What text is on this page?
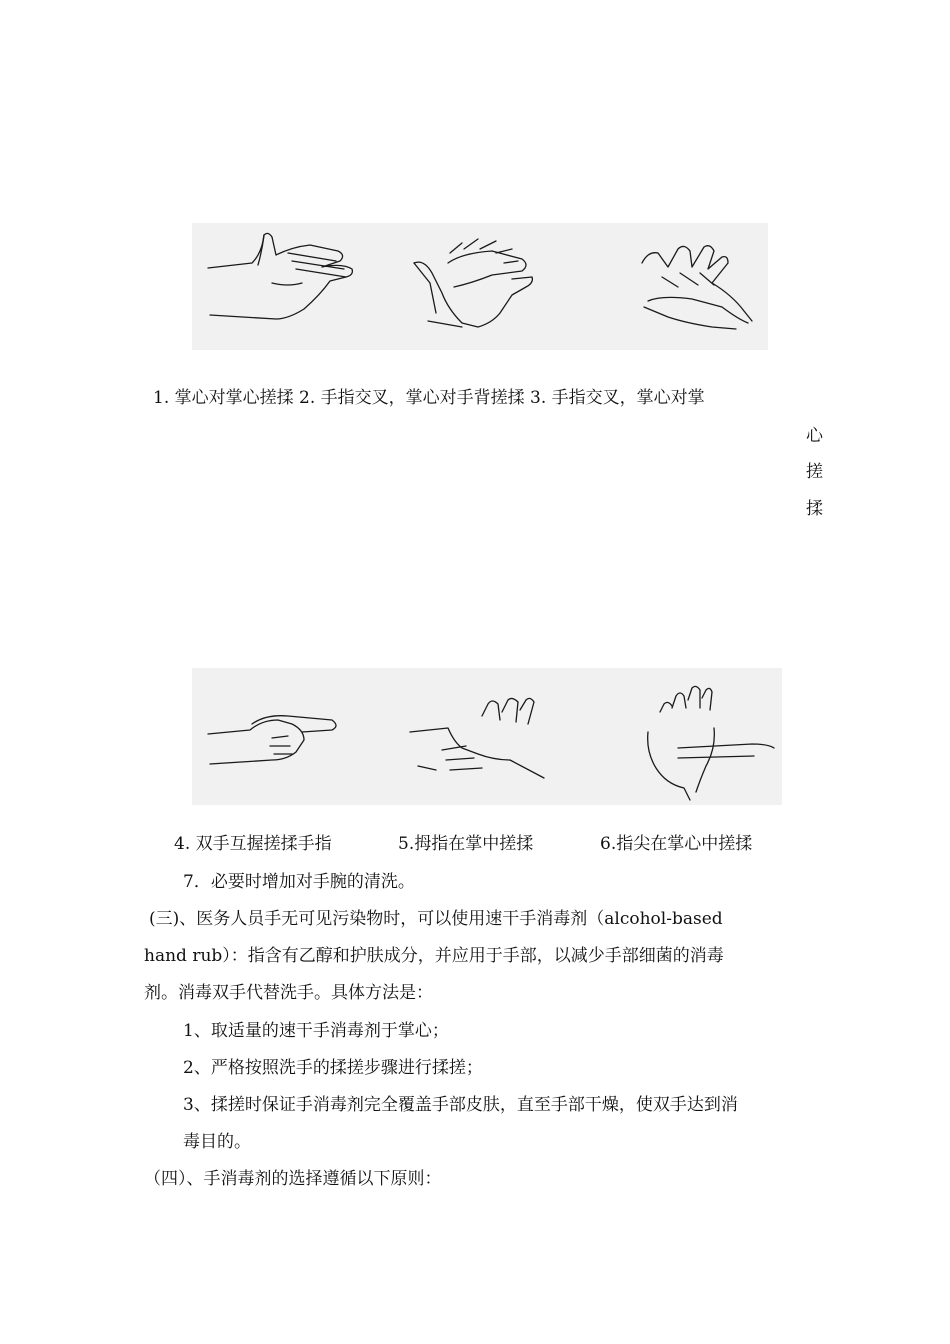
1. 掌心对掌心搓揉 2. 手指交叉，掌心对手背搓揉 3. 手指交叉，掌心对掌
心
搓
揉
4. 双手互握搓揉手指	5.拇指在掌中搓揉	6.指尖在掌心中搓揉
7．必要时增加对手腕的清洗。
(三)、医务人员手无可见污染物时，可以使用速干手消毒剂（alcohol-based
hand rub）：指含有乙醇和护肤成分，并应用于手部，以减少手部细菌的消毒
剂。消毒双手代替洗手。具体方法是：
1、取适量的速干手消毒剂于掌心；
2、严格按照洗手的揉搓步骤进行揉搓；
3、揉搓时保证手消毒剂完全覆盖手部皮肤，直至手部干燥，使双手达到消
毒目的。
（四）、手消毒剂的选择遵循以下原则：
